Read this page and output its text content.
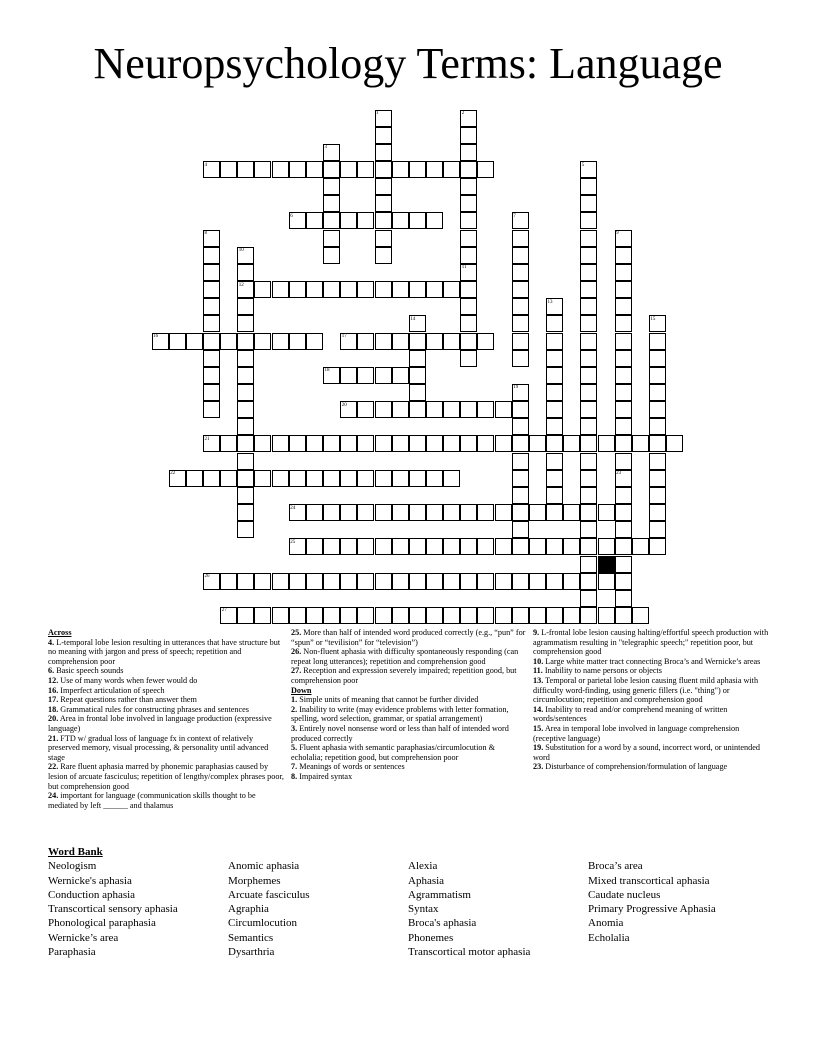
Neuropsychology Terms: Language
1	2
3
4	5
6	7
8	9
10
11
12
13
14	15
16	17
18
19
20
21
22	23
24
25
26
27
Across
4. L-temporal lobe lesion resulting in utterances that have structure but no meaning with jargon and press of speech; repetition and comprehension poor
6. Basic speech sounds
12. Use of many words when fewer would do
16. Imperfect articulation of speech
17. Repeat questions rather than answer them
18. Grammatical rules for constructing phrases and sentences
20. Area in frontal lobe involved in language production (expressive language)
21. FTD w/ gradual loss of language fx in context of relatively preserved memory, visual processing, & personality until advanced stage
22. Rare fluent aphasia marred by phonemic paraphasias caused by lesion of arcuate fasciculus; repetition of lengthy/complex phrases poor, but comprehension good
24. important for language (communication skills thought to be mediated by left ______ and thalamus
25. More than half of intended word produced correctly (e.g., “pun” for “spun” or “tevilision” for “television”)
26. Non-fluent aphasia with difficulty spontaneously responding (can repeat long utterances); repetition and comprehension good
27. Reception and expression severely impaired; repetition good, but comprehension poor
Down
1. Simple units of meaning that cannot be further divided
2. Inability to write (may evidence problems with letter formation, spelling, word selection, grammar, or spatial arrangement)
3. Entirely novel nonsense word or less than half of intended word produced correctly
5. Fluent aphasia with semantic paraphasias/circumlocution & echolalia; repetition good, but comprehension poor
7. Meanings of words or sentences
8. Impaired syntax
9. L-frontal lobe lesion causing halting/effortful speech production with agrammatism resulting in "telegraphic speech;" repetition poor, but comprehension good
10. Large white matter tract connecting Broca’s and Wernicke’s areas
11. Inability to name persons or objects
13. Temporal or parietal lobe lesion causing fluent mild aphasia with difficulty word-finding, using generic fillers (i.e. "thing") or circumlocution; repetition and comprehension good
14. Inability to read and/or comprehend meaning of written words/sentences
15. Area in temporal lobe involved in language comprehension (receptive language)
19. Substitution for a word by a sound, incorrect word, or unintended word
23. Disturbance of comprehension/formulation of language
Word Bank
Neologism	Anomic aphasia	Alexia	Broca’s area
Wernicke's aphasia	Morphemes	Aphasia	Mixed transcortical aphasia
Conduction aphasia	Arcuate fasciculus	Agrammatism	Caudate nucleus
Transcortical sensory aphasia	Agraphia	Syntax	Primary Progressive Aphasia
Phonological paraphasia	Circumlocution	Broca's aphasia	Anomia
Wernicke’s area	Semantics	Phonemes	Echolalia
Paraphasia	Dysarthria	Transcortical motor aphasia
